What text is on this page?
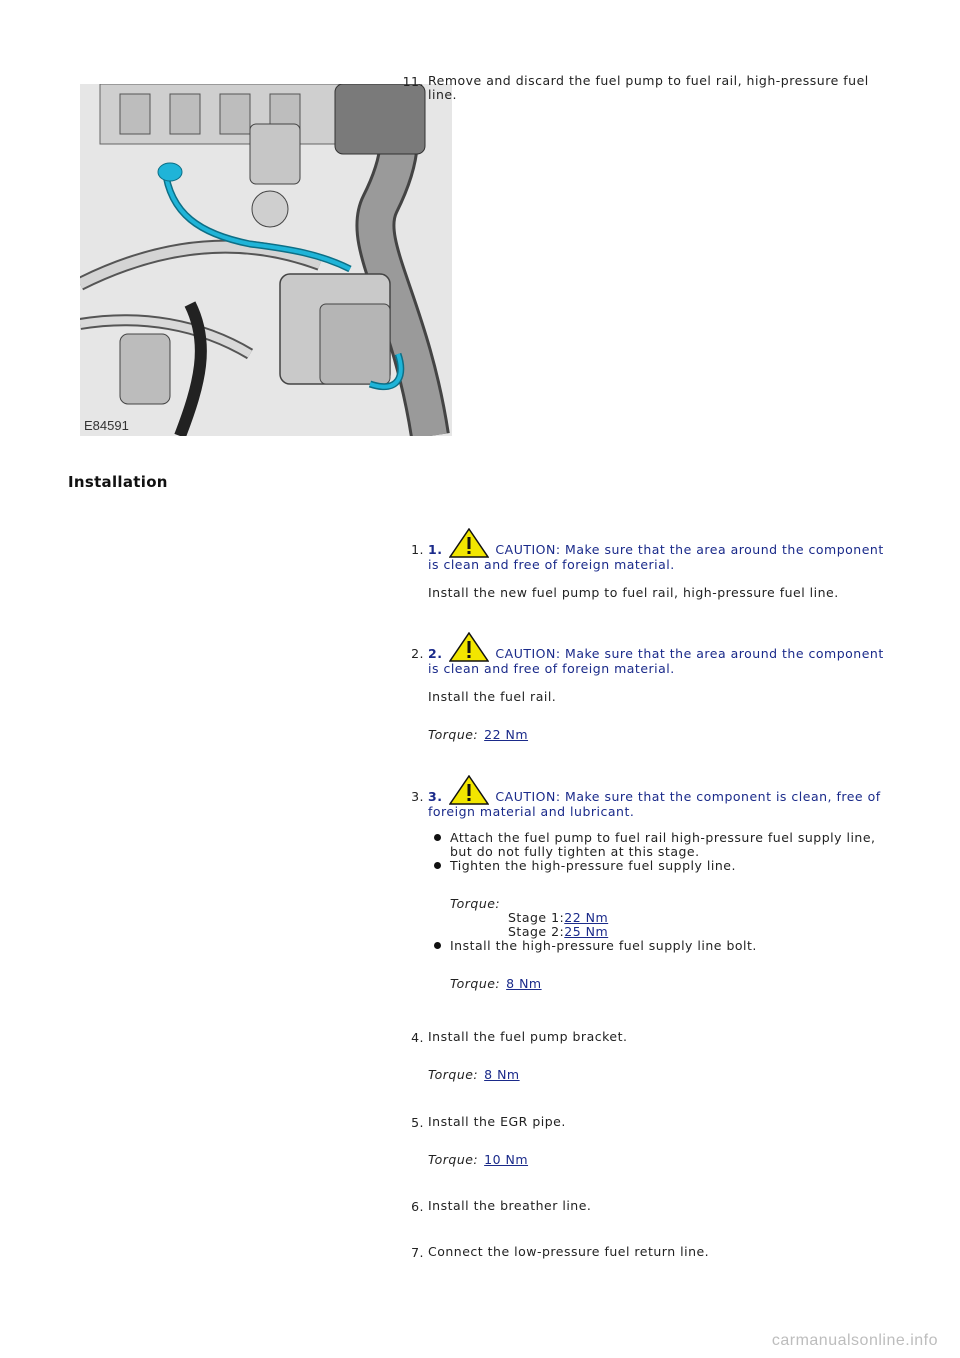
E84591
11. Remove and discard the fuel pump to fuel rail, high-pressure fuel line.
Installation
1. 1.	CAUTION: Make sure that the area around the component is clean and free of foreign material.
Install the new fuel pump to fuel rail, high-pressure fuel line.
2. 2.	CAUTION: Make sure that the area around the component is clean and free of foreign material.
Install the fuel rail.
Torque: 22 Nm
3. 3.	CAUTION: Make sure that the component is clean, free of foreign material and lubricant.
Attach the fuel pump to fuel rail high-pressure fuel supply line, but do not fully tighten at this stage.
Tighten the high-pressure fuel supply line.
Torque:
Stage 1:22 Nm
Stage 2:25 Nm
Install the high-pressure fuel supply line bolt.
Torque: 8 Nm
4. Install the fuel pump bracket.
Torque: 8 Nm
5. Install the EGR pipe.
Torque: 10 Nm
6. Install the breather line.
7. Connect the low-pressure fuel return line.
carmanualsonline.info
